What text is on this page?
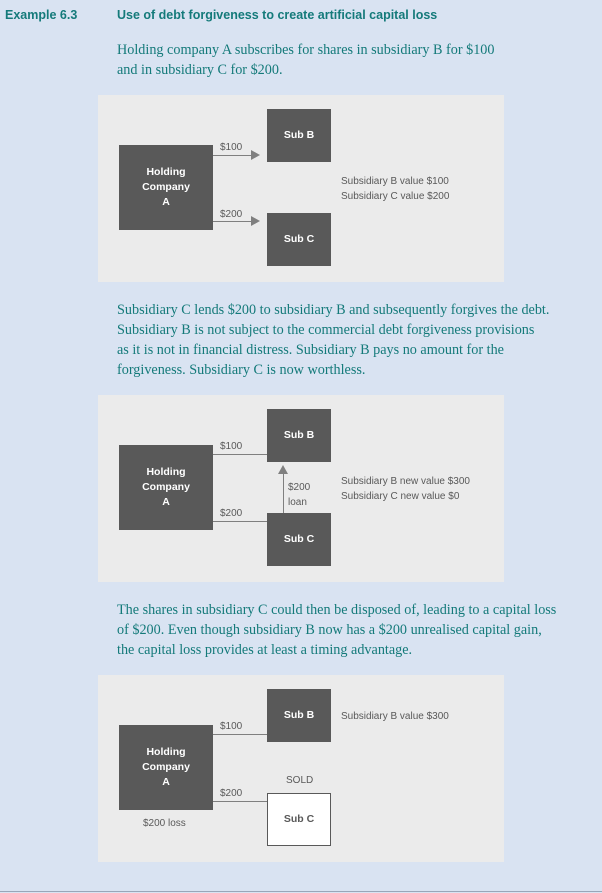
Example 6.3	Use of debt forgiveness to create artificial capital loss
Holding company A subscribes for shares in subsidiary B for $100
and in subsidiary C for $200.
Holding
Company
A
Sub B
Sub C
$100
$200
Subsidiary B value $100
Subsidiary C value $200
Subsidiary C lends $200 to subsidiary B and subsequently forgives the debt.
Subsidiary B is not subject to the commercial debt forgiveness provisions
as it is not in financial distress. Subsidiary B pays no amount for the
forgiveness. Subsidiary C is now worthless.
Holding
Company
A
Sub B
Sub C
$100
$200
$200
loan
Subsidiary B new value $300
Subsidiary C new value $0
The shares in subsidiary C could then be disposed of, leading to a capital loss
of $200. Even though subsidiary B now has a $200 unrealised capital gain,
the capital loss provides at least a timing advantage.
Holding
Company
A
Sub B
Sub C
$100
$200
SOLD
Subsidiary B value $300
$200 loss
